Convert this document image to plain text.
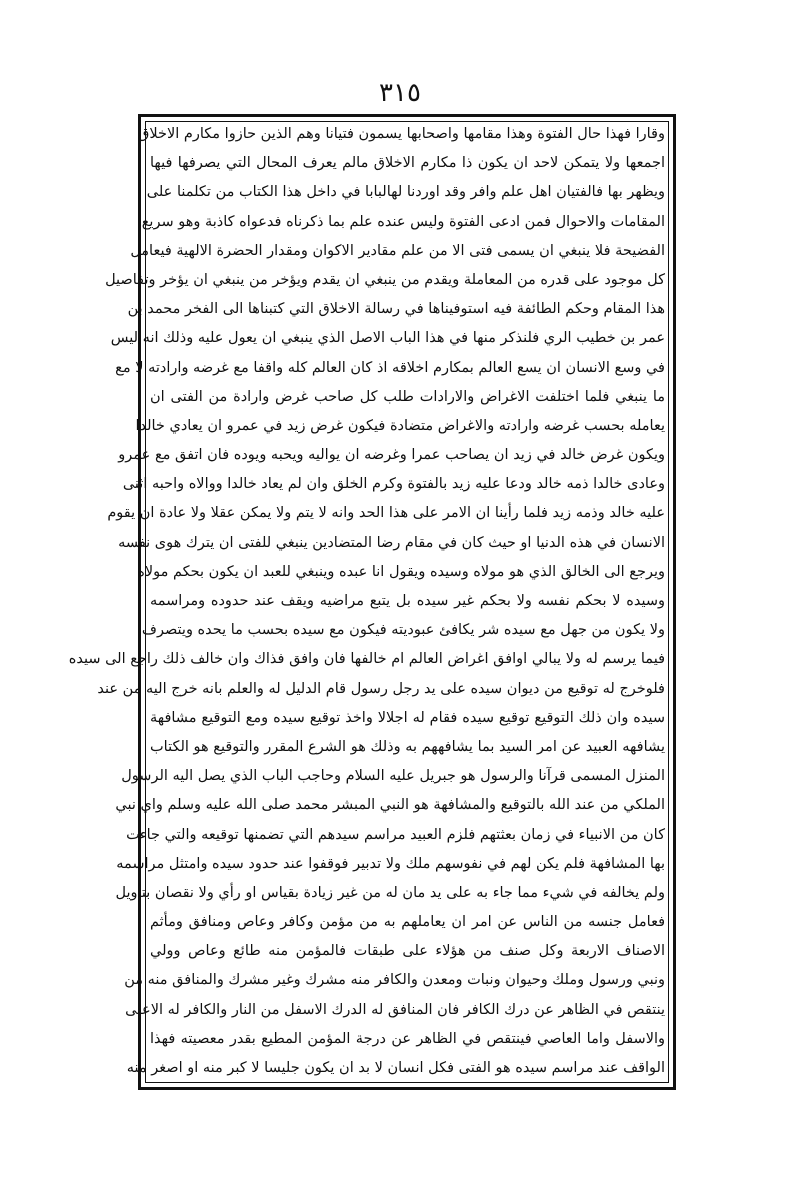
٣١٥
وقارا فهذا حال الفتوة وهذا مقامها واصحابها يسمون فتيانا وهم الذين حازوا مكارم الاخلاق
اجمعها ولا يتمكن لاحد ان يكون ذا مكارم الاخلاق مالم يعرف المحال التي يصرفها فيها
ويظهر بها فالفتيان اهل علم وافر وقد اوردنا لهالبابا في داخل هذا الكتاب من تكلمنا على
المقامات والاحوال فمن ادعى الفتوة وليس عنده علم بما ذكرناه فدعواه كاذبة وهو سريع
الفضيحة فلا ينبغي ان يسمى فتى الا من علم مقادير الاكوان ومقدار الحضرة الالهية فيعامل
كل موجود على قدره من المعاملة ويقدم من ينبغي ان يقدم ويؤخر من ينبغي ان يؤخر وتفاصيل
هذا المقام وحكم الطائفة فيه استوفيناها في رسالة الاخلاق التي كتبناها الى الفخر محمد بن
عمر بن خطيب الري فلنذكر منها في هذا الباب الاصل الذي ينبغي ان يعول عليه وذلك انه ليس
في وسع الانسان ان يسع العالم بمكارم اخلاقه اذ كان العالم كله واقفا مع غرضه وارادته لا مع
ما ينبغي فلما اختلفت الاغراض والارادات طلب كل صاحب غرض وارادة من الفتى ان
يعامله بحسب غرضه وارادته والاغراض متضادة فيكون غرض زيد في عمرو ان يعادي خالدا
ويكون غرض خالد في زيد ان يصاحب عمرا وغرضه ان يواليه ويحبه ويوده فان اتفق مع عمرو
وعادى خالدا ذمه خالد ودعا عليه زيد بالفتوة وكرم الخلق وان لم يعاد خالدا ووالاه واحبه اثنى
عليه خالد وذمه زيد فلما رأينا ان الامر على هذا الحد وانه لا يتم ولا يمكن عقلا ولا عادة ان يقوم
الانسان في هذه الدنيا او حيث كان في مقام رضا المتضادين ينبغي للفتى ان يترك هوى نفسه
ويرجع الى الخالق الذي هو مولاه وسيده ويقول انا عبده وينبغي للعبد ان يكون بحكم مولاه
وسيده لا بحكم نفسه ولا بحكم غير سيده بل يتبع مراضيه ويقف عند حدوده ومراسمه
ولا يكون من جهل مع سيده شر يكافئ عبوديته فيكون مع سيده بحسب ما يحده ويتصرف
فيما يرسم له ولا يبالي اوافق اغراض العالم ام خالفها فان وافق فذاك وان خالف ذلك راجع الى سيده
فلوخرج له توقيع من ديوان سيده على يد رجل رسول قام الدليل له والعلم بانه خرج اليه من عند
سيده وان ذلك التوقيع توقيع سيده فقام له اجلالا واخذ توقيع سيده ومع التوقيع مشافهة
يشافهه العبيد عن امر السيد بما يشافههم به وذلك هو الشرع المقرر والتوقيع هو الكتاب
المنزل المسمى قرآنا والرسول هو جبريل عليه السلام وحاجب الباب الذي يصل اليه الرسول
الملكي من عند الله بالتوقيع والمشافهة هو النبي المبشر محمد صلى الله عليه وسلم واي نبي
كان من الانبياء في زمان بعثتهم فلزم العبيد مراسم سيدهم التي تضمنها توقيعه والتي جاءت
بها المشافهة فلم يكن لهم في نفوسهم ملك ولا تدبير فوقفوا عند حدود سيده وامتثل مراسمه
ولم يخالفه في شيء مما جاء به على يد مان له من غير زيادة بقياس او رأي ولا نقصان بتأويل
فعامل جنسه من الناس عن امر ان يعاملهم به من مؤمن وكافر وعاص ومنافق ومأثم
الاصناف الاربعة وكل صنف من هؤلاء على طبقات فالمؤمن منه طائع وعاص وولي
ونبي ورسول وملك وحيوان ونبات ومعدن والكافر منه مشرك وغير مشرك والمنافق منه من
ينتقص في الظاهر عن درك الكافر فان المنافق له الدرك الاسفل من النار والكافر له الاعلى
والاسفل واما العاصي فينتقص في الظاهر عن درجة المؤمن المطيع بقدر معصيته فهذا
الواقف عند مراسم سيده هو الفتى فكل انسان لا بد ان يكون جليسا لا كبر منه او اصغر منه
